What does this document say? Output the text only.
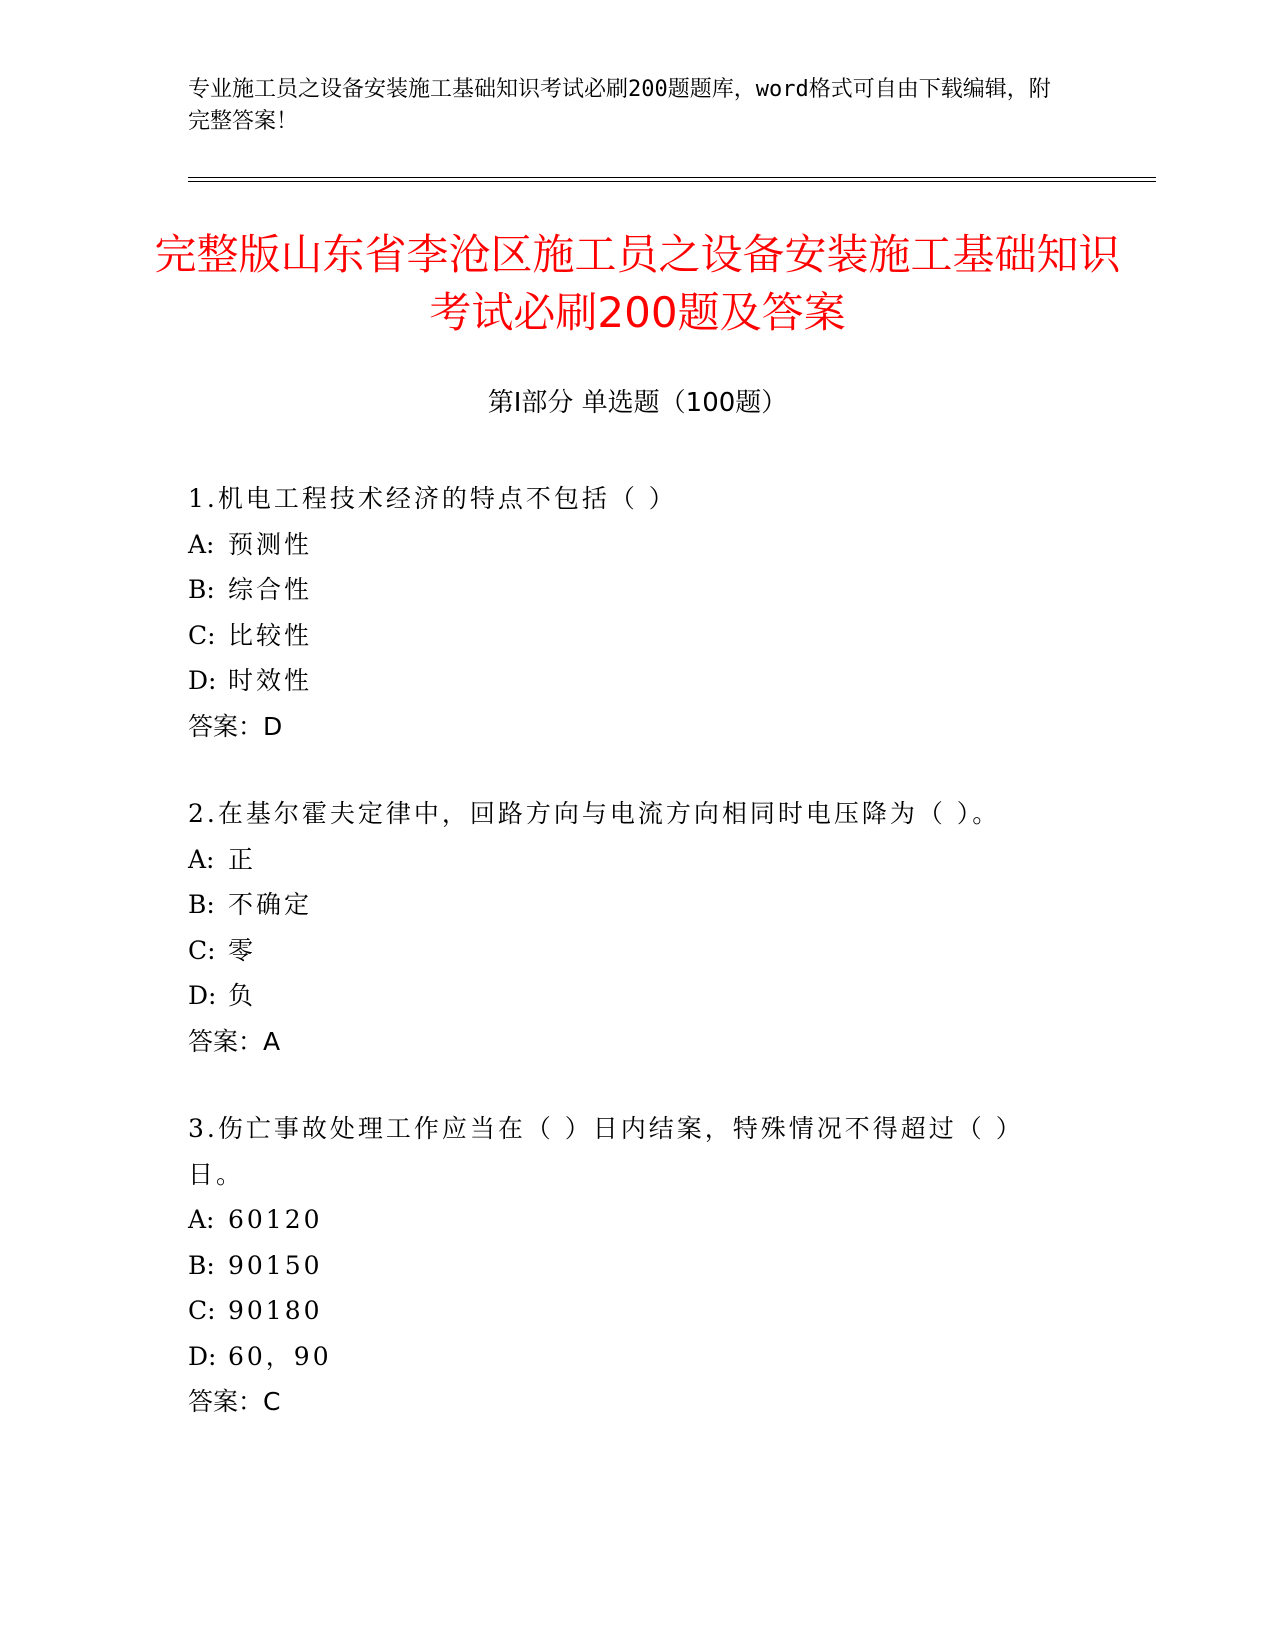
专业施工员之设备安装施工基础知识考试必刷200题题库，word格式可自由下载编辑，附完整答案！
完整版山东省李沧区施工员之设备安装施工基础知识考试必刷200题及答案
第Ⅰ部分 单选题（100题）

1.机电工程技术经济的特点不包括（ ）

A: 预测性

B: 综合性

C: 比较性

D: 时效性

答案：D

2.在基尔霍夫定律中，回路方向与电流方向相同时电压降为（ ）。

A: 正

B: 不确定

C: 零

D: 负

答案：A

3.伤亡事故处理工作应当在（ ）日内结案，特殊情况不得超过（ ）日。

A: 60120

B: 90150

C: 90180

D: 60，90

答案：C
